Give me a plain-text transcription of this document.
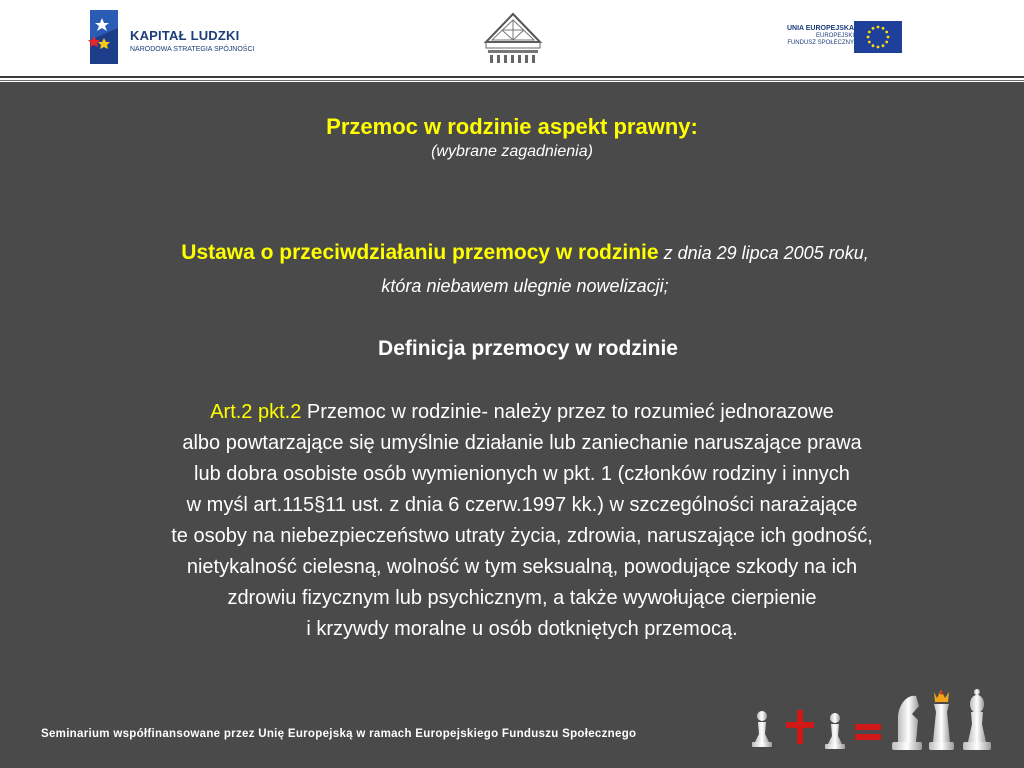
KAPITAŁ LUDZKI
NARODOWA STRATEGIA SPÓJNOŚCI
UNIA EUROPEJSKA
EUROPEJSKI
FUNDUSZ SPOŁECZNY
Przemoc w rodzinie aspekt prawny:
(wybrane zagadnienia)
Ustawa o przeciwdziałaniu przemocy w rodzinie z dnia 29 lipca 2005 roku,
która niebawem ulegnie nowelizacji;
Definicja przemocy w rodzinie

Art.2 pkt.2 Przemoc w rodzinie- należy przez to rozumieć jednorazowe

albo powtarzające się umyślnie działanie lub zaniechanie naruszające prawa

lub dobra osobiste osób wymienionych w pkt. 1 (członków rodziny i innych

w myśl art.115§11 ust. z dnia 6 czerw.1997 kk.) w szczególności narażające

te osoby na niebezpieczeństwo utraty życia, zdrowia, naruszające ich godność,

nietykalność cielesną, wolność w tym seksualną, powodujące szkody na ich

zdrowiu fizycznym lub psychicznym, a także wywołujące cierpienie

i krzywdy moralne u osób dotkniętych przemocą.

Seminarium współfinansowane przez Unię Europejską w ramach Europejskiego Funduszu Społecznego
